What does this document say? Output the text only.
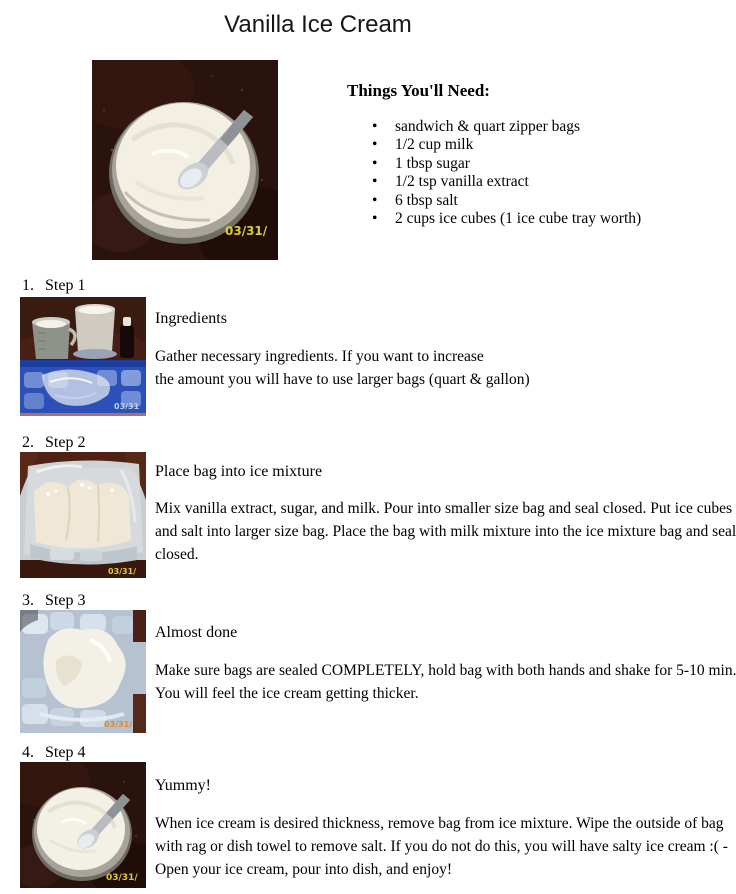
Vanilla Ice Cream
03/31/
Things You'll Need:
• sandwich & quart zipper bags
• 1/2 cup milk
• 1 tbsp sugar
• 1/2 tsp vanilla extract
• 6 tbsp salt
• 2 cups ice cubes (1 ice cube tray worth)
1. Step 1
03/31
Ingredients
Gather necessary ingredients. If you want to increase
the amount you will have to use larger bags (quart & gallon)
2. Step 2
03/31/
Place bag into ice mixture
Mix vanilla extract, sugar, and milk. Pour into smaller size bag and seal closed. Put ice cubes and salt into larger size bag. Place the bag with milk mixture into the ice mixture bag and seal closed.
3. Step 3
03/31/
Almost done
Make sure bags are sealed COMPLETELY, hold bag with both hands and shake for 5-10 min. You will feel the ice cream getting thicker.
4. Step 4
03/31/
Yummy!
When ice cream is desired thickness, remove bag from ice mixture. Wipe the outside of bag with rag or dish towel to remove salt. If you do not do this, you will have salty ice cream :( - Open your ice cream, pour into dish, and enjoy!
